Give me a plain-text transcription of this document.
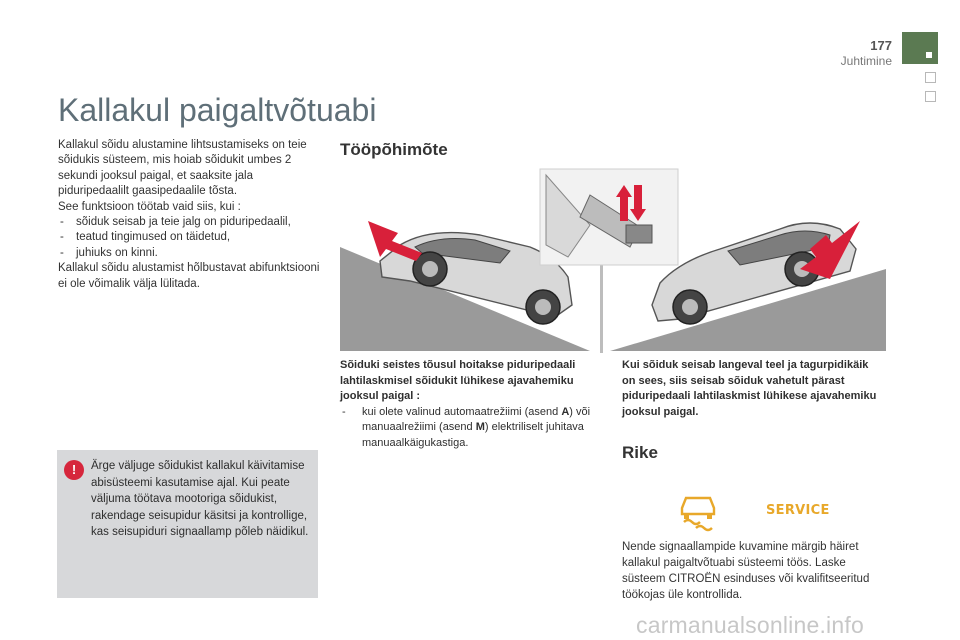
177
Juhtimine
Kallakul paigaltvõtuabi

Kallakul sõidu alustamine lihtsustamiseks on teie sõidukis süsteem, mis hoiab sõidukit umbes 2 sekundi jooksul paigal, et saaksite jala piduripedaalilt gaasipedaalile tõsta.

See funktsioon töötab vaid siis, kui :

- sõiduk seisab ja teie jalg on piduripedaalil,
- teatud tingimused on täidetud,
- juhiuks on kinni.

Kallakul sõidu alustamist hõlbustavat abifunktsiooni ei ole võimalik välja lülitada.

!	Ärge väljuge sõidukist kallakul käivitamise abisüsteemi kasutamise ajal. Kui peate väljuma töötava mootoriga sõidukist, rakendage seisupidur käsitsi ja kontrollige, kas seisupiduri signaallamp põleb näidikul.

Tööpõhimõte

Sõiduki seistes tõusul hoitakse piduripedaali lahtilaskmisel sõidukit lühikese ajavahemiku jooksul paigal :

- kui olete valinud automaatrežiimi (asend A) või manuaalrežiimi (asend M) elektriliselt juhitava manuaalkäigukastiga.

Kui sõiduk seisab langeval teel ja tagurpidikäik on sees, siis seisab sõiduk vahetult pärast piduripedaali lahtilaskmist lühikese ajavahemiku jooksul paigal.

Rike
SERVICE

Nende signaallampide kuvamine märgib häiret kallakul paigaltvõtuabi süsteemi töös. Laske süsteem CITROËN esinduses või kvalifitseeritud töökojas üle kontrollida.

carmanualsonline.info
